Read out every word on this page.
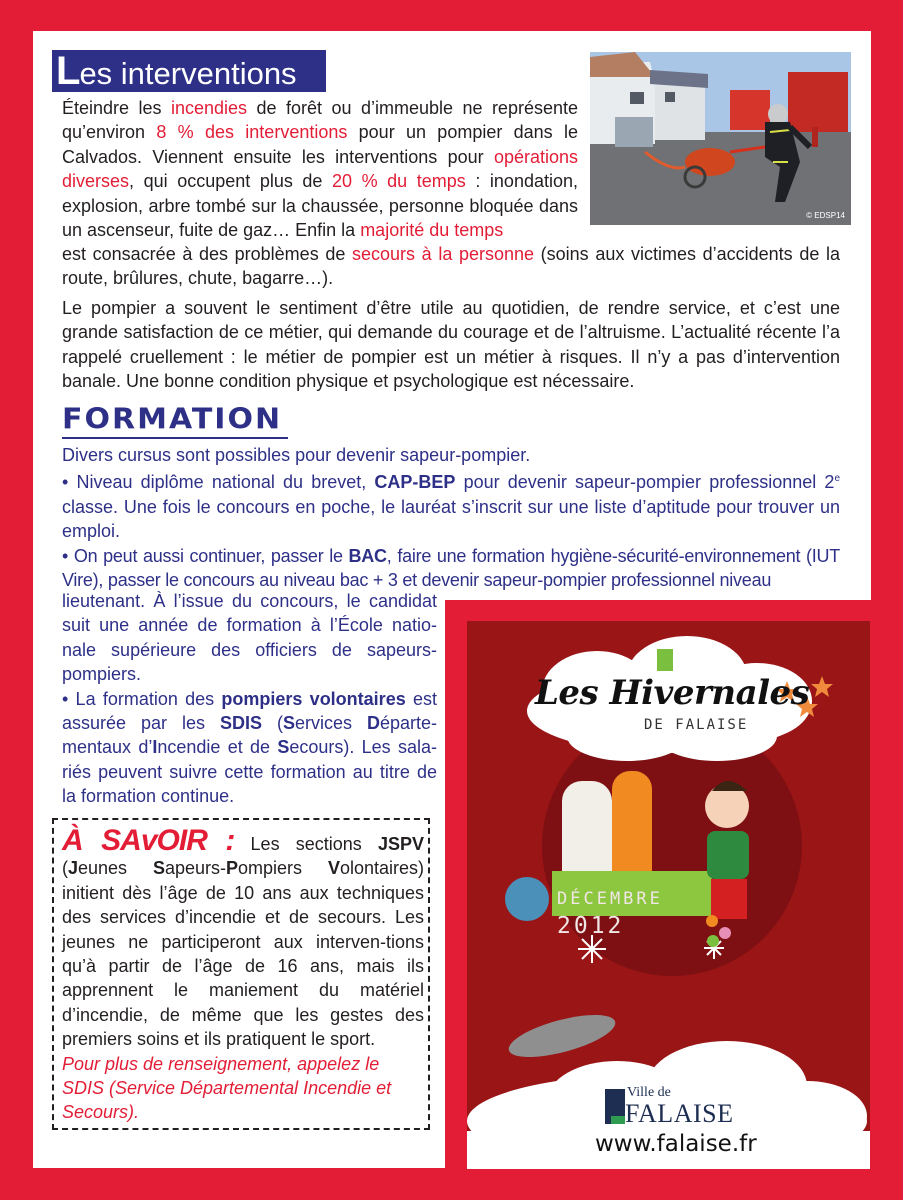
Les interventions
© EDSP14

Éteindre les incendies de forêt ou d’immeuble ne représente qu’environ 8 % des interventions pour un pompier dans le Calvados. Viennent ensuite les interventions pour opérations diverses, qui occupent plus de 20 % du temps : inondation, explosion, arbre tombé sur la chaussée, personne bloquée dans un ascenseur, fuite de gaz… Enfin la majorité du temps

est consacrée à des problèmes de secours à la personne (soins aux victimes d’accidents de la route, brûlures, chute, bagarre…).

Le pompier a souvent le sentiment d’être utile au quotidien, de rendre service, et c’est une grande satisfaction de ce métier, qui demande du courage et de l’altruisme. L’actualité récente l’a rappelé cruellement : le métier de pompier est un métier à risques. Il n’y a pas d’intervention banale. Une bonne condition physique et psychologique est nécessaire.

FORMATION
Divers cursus sont possibles pour devenir sapeur-pompier.
• Niveau diplôme national du brevet, CAP-BEP pour devenir sapeur-pompier professionnel 2e classe. Une fois le concours en poche, le lauréat s’inscrit sur une liste d’aptitude pour trouver un emploi.
• On peut aussi continuer, passer le BAC, faire une formation hygiène-sécurité-environnement (IUT Vire), passer le concours au niveau bac + 3 et devenir sapeur-pompier professionnel niveau
lieutenant. À l’issue du concours, le candidat suit une année de formation à l’École natio-nale supérieure des officiers de sapeurs-pompiers.
• La formation des pompiers volontaires est assurée par les SDIS (Services Départe-mentaux d’Incendie et de Secours). Les sala-riés peuvent suivre cette formation au titre de la formation continue.

À SAvOIR : Les sections JSPV (Jeunes Sapeurs-Pompiers Volontaires) initient dès l’âge de 10 ans aux techniques des services d’incendie et de secours. Les jeunes ne participeront aux interven-tions qu’à partir de l’âge de 16 ans, mais ils apprennent le maniement du matériel d’incendie, de même que les gestes des premiers soins et ils pratiquent le sport.
Pour plus de renseignement, appelez le SDIS (Service Départemental Incendie et Secours).

Les Hivernales
DE FALAISE
DÉCEMBRE
2012
Ville de
FALAISE
www.falaise.fr
